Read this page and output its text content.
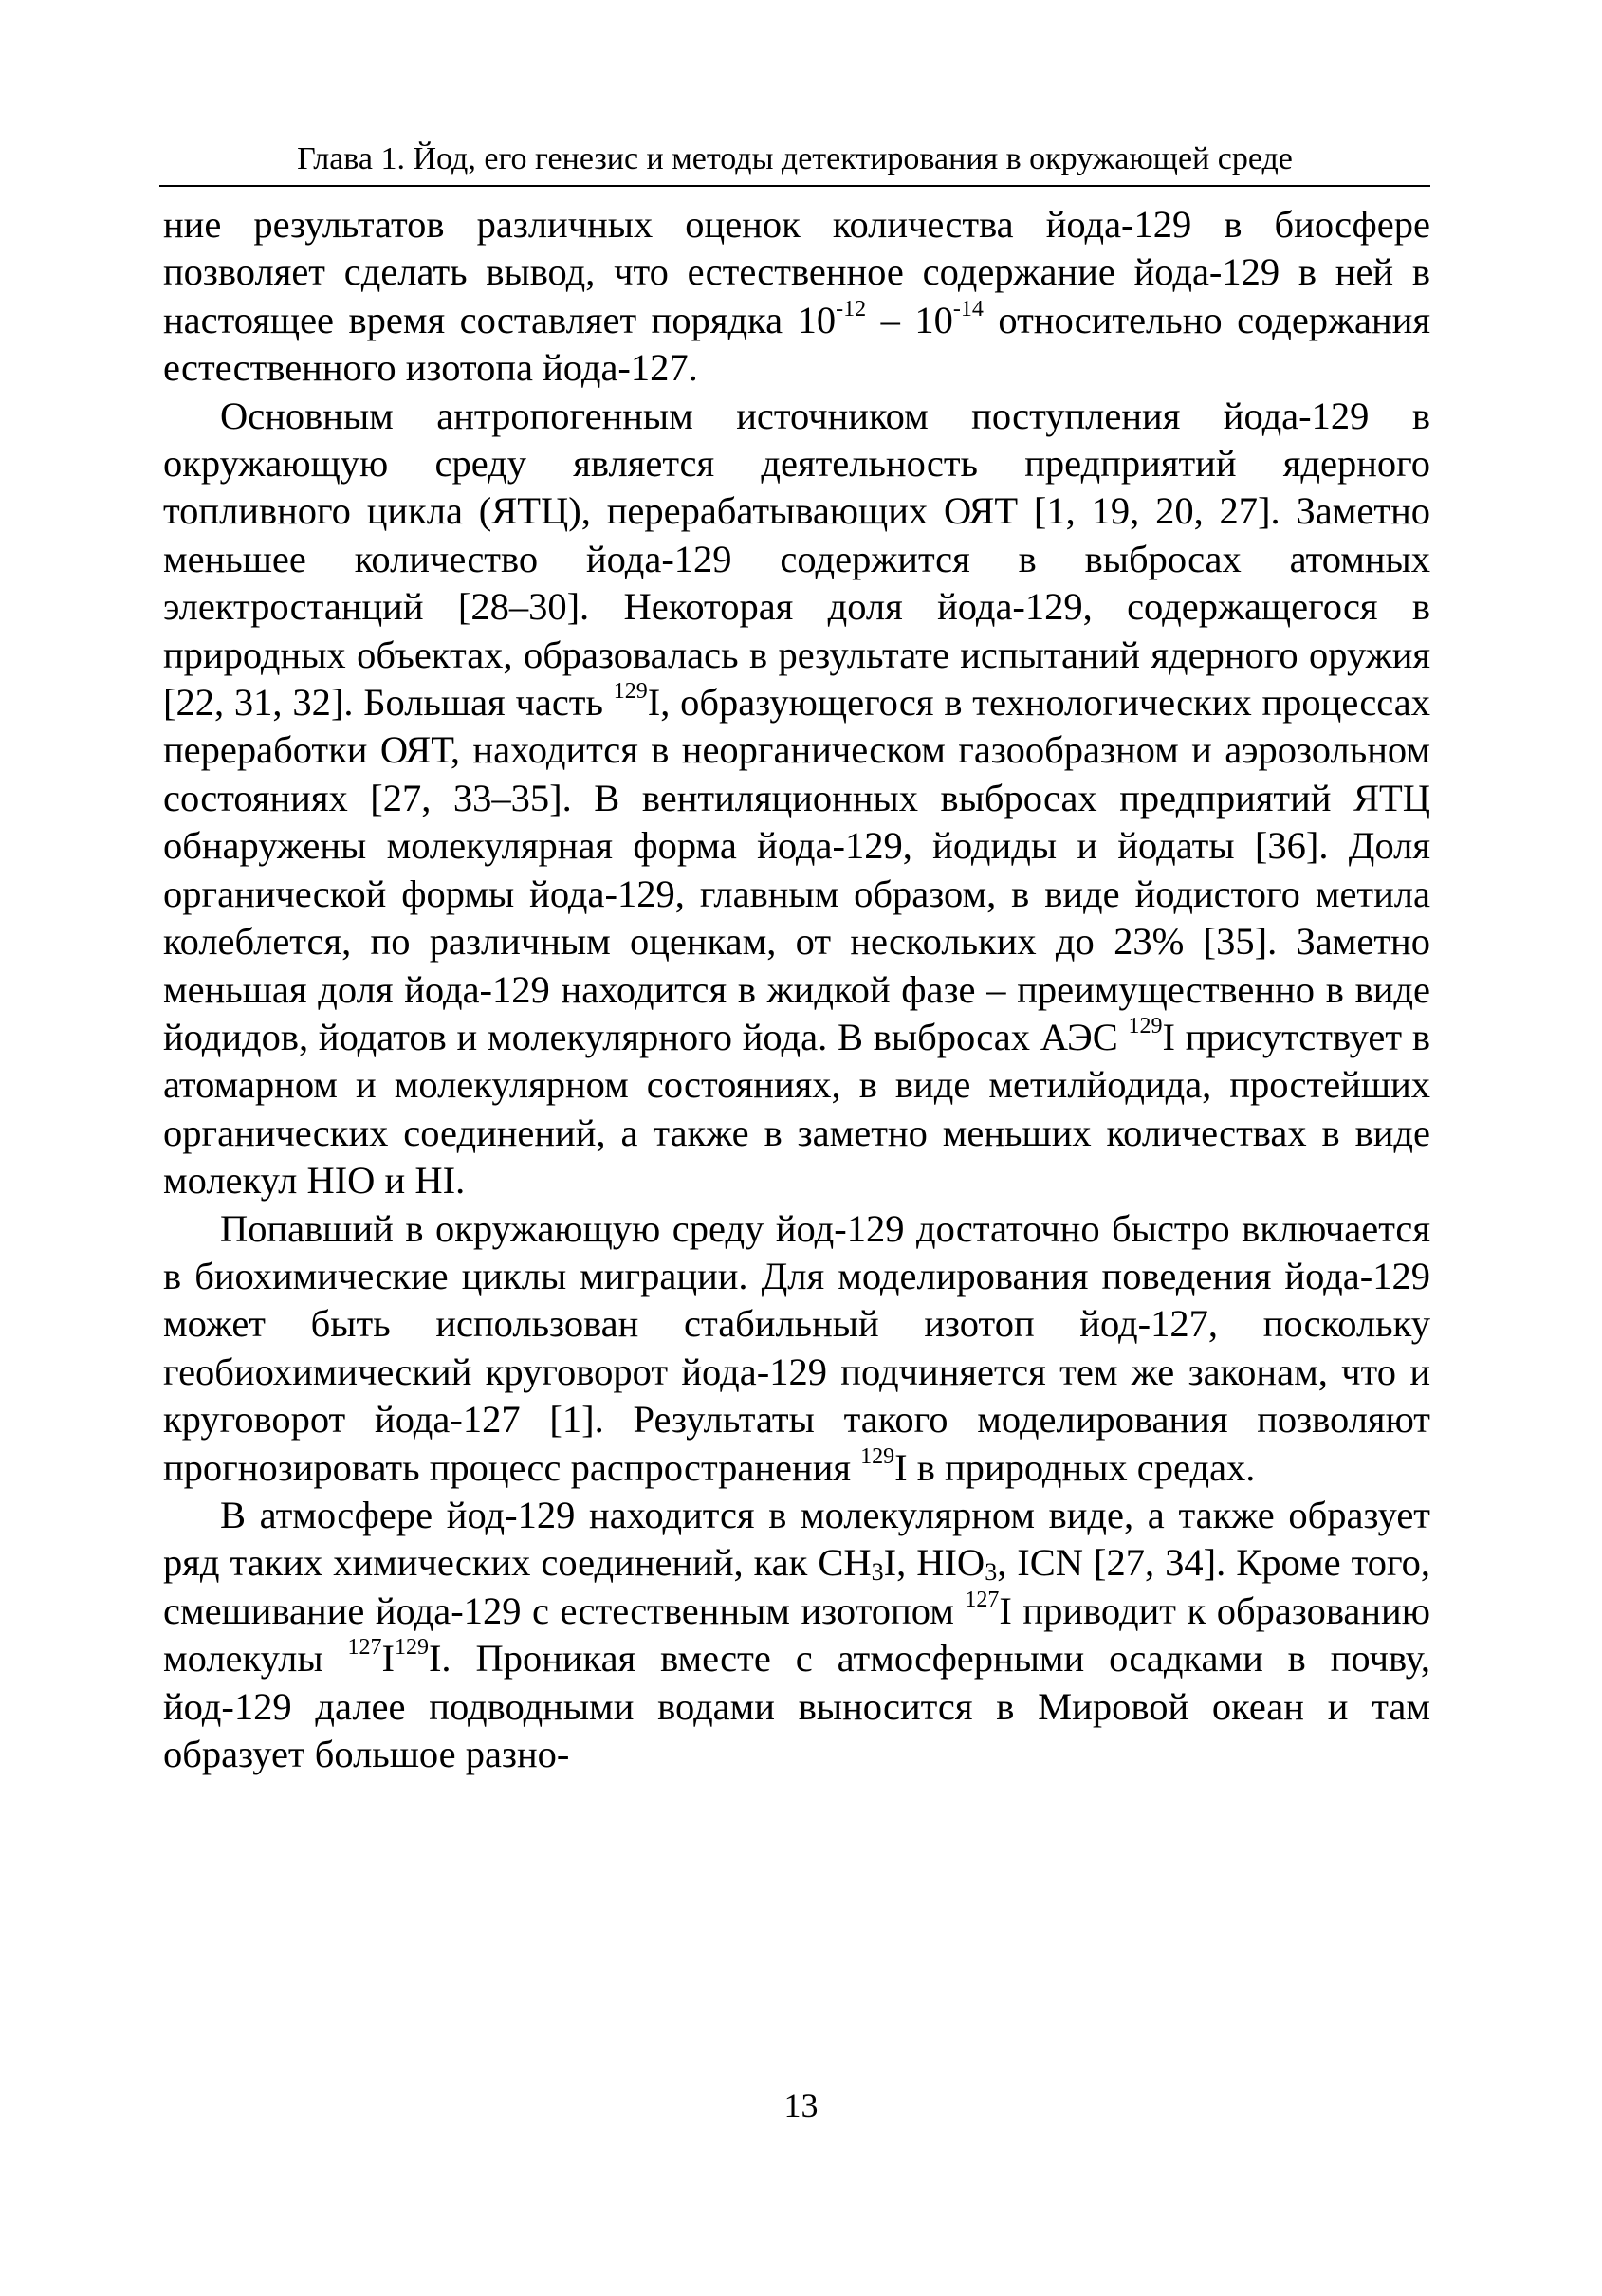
Глава 1. Йод, его генезис и методы детектирования в окружающей среде

ние результатов различных оценок количества йода-129 в биосфере позволяет сделать вывод, что естественное содержание йода-129 в ней в настоящее время составляет порядка $10^{-12} - 10^{-14}$ относительно содержания естественного изотопа йода-127.

Основным антропогенным источником поступления йода-129 в окружающую среду является деятельность предприятий ядерного топливного цикла (ЯТЦ), перерабатывающих ОЯТ [1, 19, 20, 27]. Заметно меньшее количество йода-129 содержится в выбросах атомных электростанций [28–30]. Некоторая доля йода-129, содержащегося в природных объектах, образовалась в результате испытаний ядерного оружия [22, 31, 32]. Большая часть $^{129}$I, образующегося в технологических процессах переработки ОЯТ, находится в неорганическом газообразном и аэрозольном состояниях [27, 33–35]. В вентиляционных выбросах предприятий ЯТЦ обнаружены молекулярная форма йода-129, йодиды и йодаты [36]. Доля органической формы йода-129, главным образом, в виде йодистого метила колеблется, по различным оценкам, от нескольких до 23% [35]. Заметно меньшая доля йода-129 находится в жидкой фазе – преимущественно в виде йодидов, йодатов и молекулярного йода. В выбросах АЭС $^{129}$I присутствует в атомарном и молекулярном состояниях, в виде метилйодида, простейших органических соединений, а также в заметно меньших количествах в виде молекул HIO и HI.

Попавший в окружающую среду йод-129 достаточно быстро включается в биохимические циклы миграции. Для моделирования поведения йода-129 может быть использован стабильный изотоп йод-127, поскольку геобиохимический круговорот йода-129 подчиняется тем же законам, что и круговорот йода-127 [1]. Результаты такого моделирования позволяют прогнозировать процесс распространения $^{129}$I в природных средах.

В атмосфере йод-129 находится в молекулярном виде, а также образует ряд таких химических соединений, как $CH_3I$, $HIO_3$, ICN [27, 34]. Кроме того, смешивание йода-129 с естественным изотопом $^{127}$I приводит к образованию молекулы $^{127}I^{129}I$. Проникая вместе с атмосферными осадками в почву, йод-129 далее подводными водами выносится в Мировой океан и там образует большое разно-

13
